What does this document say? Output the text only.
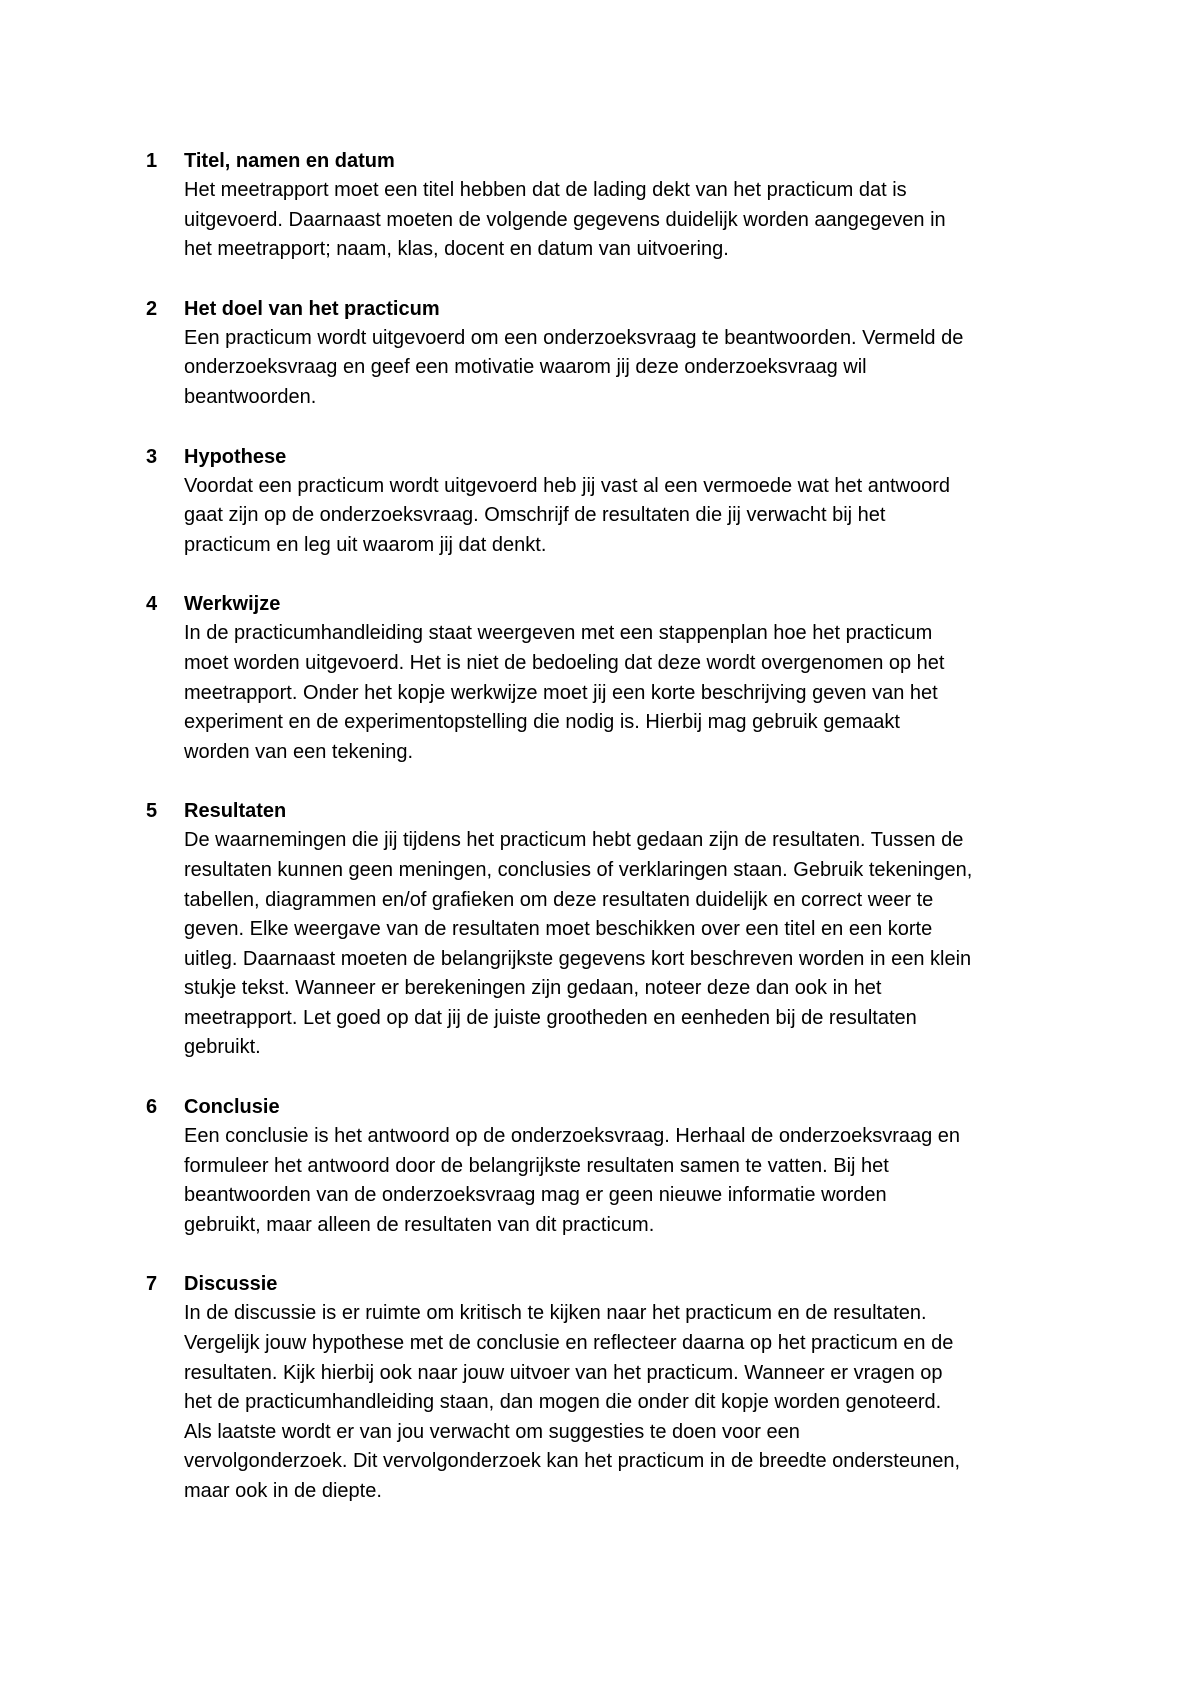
1	Titel, namen en datum
Het meetrapport moet een titel hebben dat de lading dekt van het practicum dat is
uitgevoerd. Daarnaast moeten de volgende gegevens duidelijk worden aangegeven in
het meetrapport; naam, klas, docent en datum van uitvoering.
2	Het doel van het practicum
Een practicum wordt uitgevoerd om een onderzoeksvraag te beantwoorden. Vermeld de
onderzoeksvraag en geef een motivatie waarom jij deze onderzoeksvraag wil
beantwoorden.
3	Hypothese
Voordat een practicum wordt uitgevoerd heb jij vast al een vermoede wat het antwoord
gaat zijn op de onderzoeksvraag. Omschrijf de resultaten die jij verwacht bij het
practicum en leg uit waarom jij dat denkt.
4	Werkwijze
In de practicumhandleiding staat weergeven met een stappenplan hoe het practicum
moet worden uitgevoerd. Het is niet de bedoeling dat deze wordt overgenomen op het
meetrapport. Onder het kopje werkwijze moet jij een korte beschrijving geven van het
experiment en de experimentopstelling die nodig is. Hierbij mag gebruik gemaakt
worden van een tekening.
5	Resultaten
De waarnemingen die jij tijdens het practicum hebt gedaan zijn de resultaten. Tussen de
resultaten kunnen geen meningen, conclusies of verklaringen staan. Gebruik tekeningen,
tabellen, diagrammen en/of grafieken om deze resultaten duidelijk en correct weer te
geven. Elke weergave van de resultaten moet beschikken over een titel en een korte
uitleg. Daarnaast moeten de belangrijkste gegevens kort beschreven worden in een klein
stukje tekst. Wanneer er berekeningen zijn gedaan, noteer deze dan ook in het
meetrapport. Let goed op dat jij de juiste grootheden en eenheden bij de resultaten
gebruikt.
6	Conclusie
Een conclusie is het antwoord op de onderzoeksvraag. Herhaal de onderzoeksvraag en
formuleer het antwoord door de belangrijkste resultaten samen te vatten. Bij het
beantwoorden van de onderzoeksvraag mag er geen nieuwe informatie worden
gebruikt, maar alleen de resultaten van dit practicum.
7	Discussie
In de discussie is er ruimte om kritisch te kijken naar het practicum en de resultaten.
Vergelijk jouw hypothese met de conclusie en reflecteer daarna op het practicum en de
resultaten. Kijk hierbij ook naar jouw uitvoer van het practicum. Wanneer er vragen op
het de practicumhandleiding staan, dan mogen die onder dit kopje worden genoteerd.
Als laatste wordt er van jou verwacht om suggesties te doen voor een
vervolgonderzoek. Dit vervolgonderzoek kan het practicum in de breedte ondersteunen,
maar ook in de diepte.
